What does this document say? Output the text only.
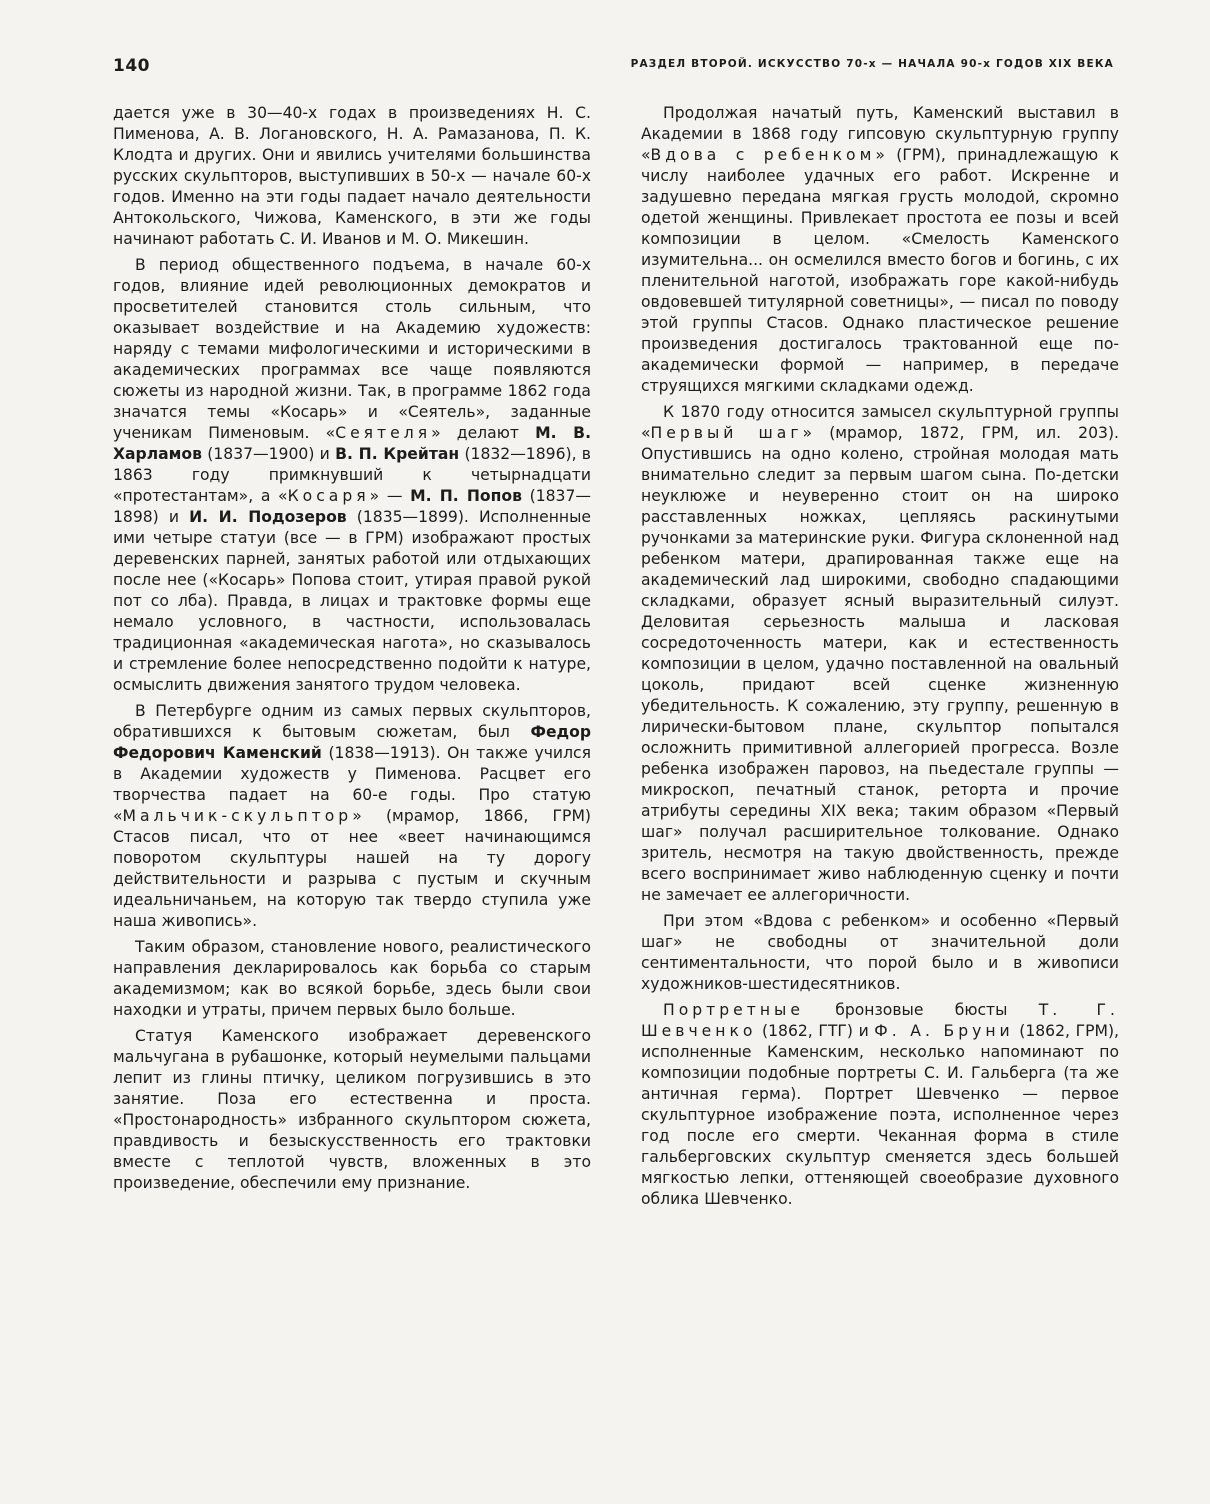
140	РАЗДЕЛ ВТОРОЙ. ИСКУССТВО 70-х — НАЧАЛА 90-х ГОДОВ XIX ВЕКА

дается уже в 30—40-х годах в произведениях Н. С. Пименова, А. В. Логановского, Н. А. Рамазанова, П. К. Клодта и других. Они и явились учителями большинства русских скульпторов, выступивших в 50-х — начале 60-х годов. Именно на эти годы падает начало деятельности Антокольского, Чижова, Каменского, в эти же годы начинают работать С. И. Иванов и М. О. Микешин.

В период общественного подъема, в начале 60-х годов, влияние идей революционных демократов и просветителей становится столь сильным, что оказывает воздействие и на Академию художеств: наряду с темами мифологическими и историческими в академических программах все чаще появляются сюжеты из народной жизни. Так, в программе 1862 года значатся темы «Косарь» и «Сеятель», заданные ученикам Пименовым. «Сеятеля» делают М. В. Харламов (1837—1900) и В. П. Крейтан (1832—1896), в 1863 году примкнувший к четырнадцати «протестантам», а «Косаря» — М. П. Попов (1837—1898) и И. И. Подозеров (1835—1899). Исполненные ими четыре статуи (все — в ГРМ) изображают простых деревенских парней, занятых работой или отдыхающих после нее («Косарь» Попова стоит, утирая правой рукой пот со лба). Правда, в лицах и трактовке формы еще немало условного, в частности, использовалась традиционная «академическая нагота», но сказывалось и стремление более непосредственно подойти к натуре, осмыслить движения занятого трудом человека.

В Петербурге одним из самых первых скульпторов, обратившихся к бытовым сюжетам, был Федор Федорович Каменский (1838—1913). Он также учился в Академии художеств у Пименова. Расцвет его творчества падает на 60-е годы. Про статую «Мальчик-скульптор» (мрамор, 1866, ГРМ) Стасов писал, что от нее «веет начинающимся поворотом скульптуры нашей на ту дорогу действительности и разрыва с пустым и скучным идеальничаньем, на которую так твердо ступила уже наша живопись».

Таким образом, становление нового, реалистического направления декларировалось как борьба со старым академизмом; как во всякой борьбе, здесь были свои находки и утраты, причем первых было больше.

Статуя Каменского изображает деревенского мальчугана в рубашонке, который неумелыми пальцами лепит из глины птичку, целиком погрузившись в это занятие. Поза его естественна и проста. «Простонародность» избранного скульптором сюжета, правдивость и безыскусственность его трактовки вместе с теплотой чувств, вложенных в это произведение, обеспечили ему признание.

Продолжая начатый путь, Каменский выставил в Академии в 1868 году гипсовую скульптурную группу «Вдова с ребенком» (ГРМ), принадлежащую к числу наиболее удачных его работ. Искренне и задушевно передана мягкая грусть молодой, скромно одетой женщины. Привлекает простота ее позы и всей композиции в целом. «Смелость Каменского изумительна... он осмелился вместо богов и богинь, с их пленительной наготой, изображать горе какой-нибудь овдовевшей титулярной советницы», — писал по поводу этой группы Стасов. Однако пластическое решение произведения достигалось трактованной еще по-академически формой — например, в передаче струящихся мягкими складками одежд.

К 1870 году относится замысел скульптурной группы «Первый шаг» (мрамор, 1872, ГРМ, ил. 203). Опустившись на одно колено, стройная молодая мать внимательно следит за первым шагом сына. По-детски неуклюже и неуверенно стоит он на широко расставленных ножках, цепляясь раскинутыми ручонками за материнские руки. Фигура склоненной над ребенком матери, драпированная также еще на академический лад широкими, свободно спадающими складками, образует ясный выразительный силуэт. Деловитая серьезность малыша и ласковая сосредоточенность матери, как и естественность композиции в целом, удачно поставленной на овальный цоколь, придают всей сценке жизненную убедительность. К сожалению, эту группу, решенную в лирически-бытовом плане, скульптор попытался осложнить примитивной аллегорией прогресса. Возле ребенка изображен паровоз, на пьедестале группы — микроскоп, печатный станок, реторта и прочие атрибуты середины XIX века; таким образом «Первый шаг» получал расширительное толкование. Однако зритель, несмотря на такую двойственность, прежде всего воспринимает живо наблюденную сценку и почти не замечает ее аллегоричности.

При этом «Вдова с ребенком» и особенно «Первый шаг» не свободны от значительной доли сентиментальности, что порой было и в живописи художников-шестидесятников.

Портретные бронзовые бюсты Т. Г. Шевченко (1862, ГТГ) и Ф. А. Бруни (1862, ГРМ), исполненные Каменским, несколько напоминают по композиции подобные портреты С. И. Гальберга (та же античная герма). Портрет Шевченко — первое скульптурное изображение поэта, исполненное через год после его смерти. Чеканная форма в стиле гальберговских скульптур сменяется здесь большей мягкостью лепки, оттеняющей своеобразие духовного облика Шевченко.
